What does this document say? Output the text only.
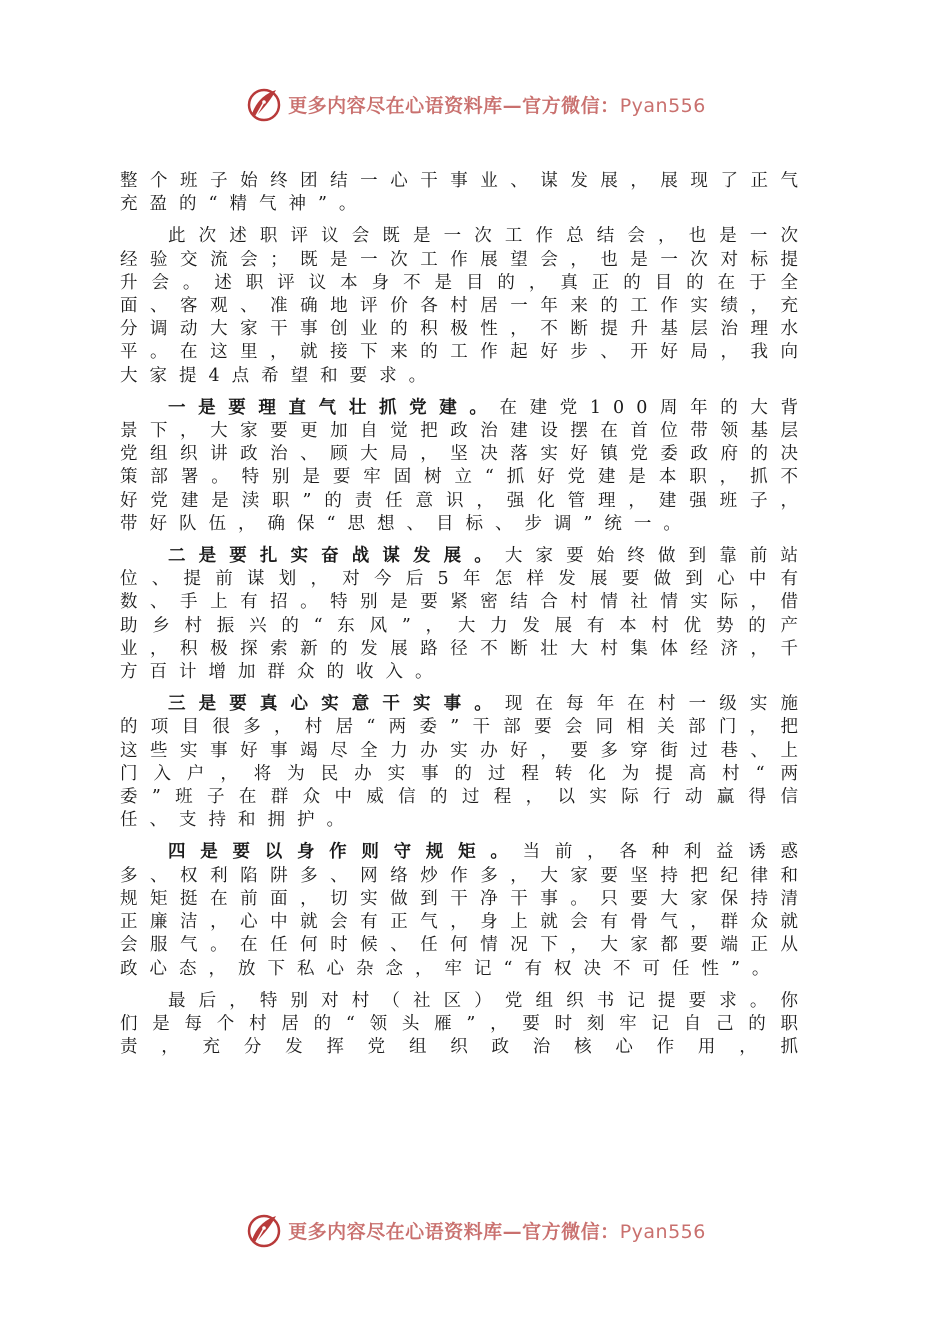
更多内容尽在心语资料库—官方微信：Pyan556

整个班子始终团结一心干事业、谋发展，展现了正气充盈的“精气神”。

此次述职评议会既是一次工作总结会，也是一次经验交流会；既是一次工作展望会，也是一次对标提升会。述职评议本身不是目的，真正的目的在于全面、客观、准确地评价各村居一年来的工作实绩，充分调动大家干事创业的积极性，不断提升基层治理水平。在这里，就接下来的工作起好步、开好局，我向大家提4点希望和要求。

一是要理直气壮抓党建。在建党100周年的大背景下，大家要更加自觉把政治建设摆在首位带领基层党组织讲政治、顾大局，坚决落实好镇党委政府的决策部署。特别是要牢固树立“抓好党建是本职，抓不好党建是渎职”的责任意识，强化管理，建强班子，带好队伍，确保“思想、目标、步调”统一。

二是要扎实奋战谋发展。大家要始终做到靠前站位、提前谋划，对今后5年怎样发展要做到心中有数、手上有招。特别是要紧密结合村情社情实际，借助乡村振兴的“东风”，大力发展有本村优势的产业，积极探索新的发展路径不断壮大村集体经济，千方百计增加群众的收入。

三是要真心实意干实事。现在每年在村一级实施的项目很多，村居“两委”干部要会同相关部门，把这些实事好事竭尽全力办实办好，要多穿街过巷、上门入户，将为民办实事的过程转化为提高村“两委”班子在群众中威信的过程，以实际行动赢得信任、支持和拥护。

四是要以身作则守规矩。当前，各种利益诱惑多、权利陷阱多、网络炒作多，大家要坚持把纪律和规矩挺在前面，切实做到干净干事。只要大家保持清正廉洁，心中就会有正气，身上就会有骨气，群众就会服气。在任何时候、任何情况下，大家都要端正从政心态，放下私心杂念，牢记“有权决不可任性”。

最后，特别对村（社区）党组织书记提要求。你们是每个村居的“领头雁”，要时刻牢记自己的职责，充分发挥党组织政治核心作用，抓

更多内容尽在心语资料库—官方微信：Pyan556
